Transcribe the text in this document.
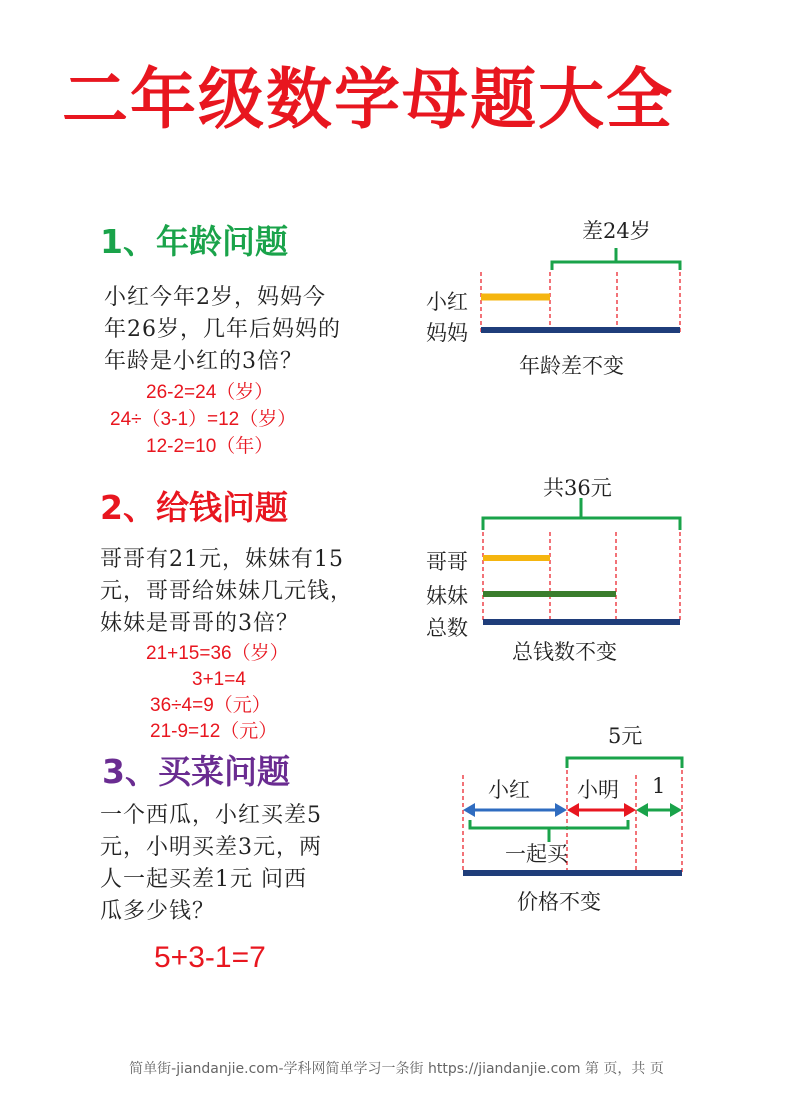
二年级数学母题大全
1、年龄问题
小红今年2岁，妈妈今
年26岁，几年后妈妈的
年龄是小红的3倍？
26-2=24（岁）
24÷（3-1）=12（岁）
12-2=10（年）
2、给钱问题
哥哥有21元，妹妹有15
元，哥哥给妹妹几元钱，
妹妹是哥哥的3倍？
21+15=36（岁）
3+1=4
36÷4=9（元）
21-9=12（元）
3、买菜问题
一个西瓜，小红买差5
元，小明买差3元，两
人一起买差1元 问西
瓜多少钱？
5+3-1=7
差24岁
小红
妈妈
年龄差不变
共36元
哥哥
妹妹
总数
总钱数不变
5元
小红 小明 1
一起买
价格不变
简单街-jiandanjie.com-学科网简单学习一条街 https://jiandanjie.com 第 页，共 页
